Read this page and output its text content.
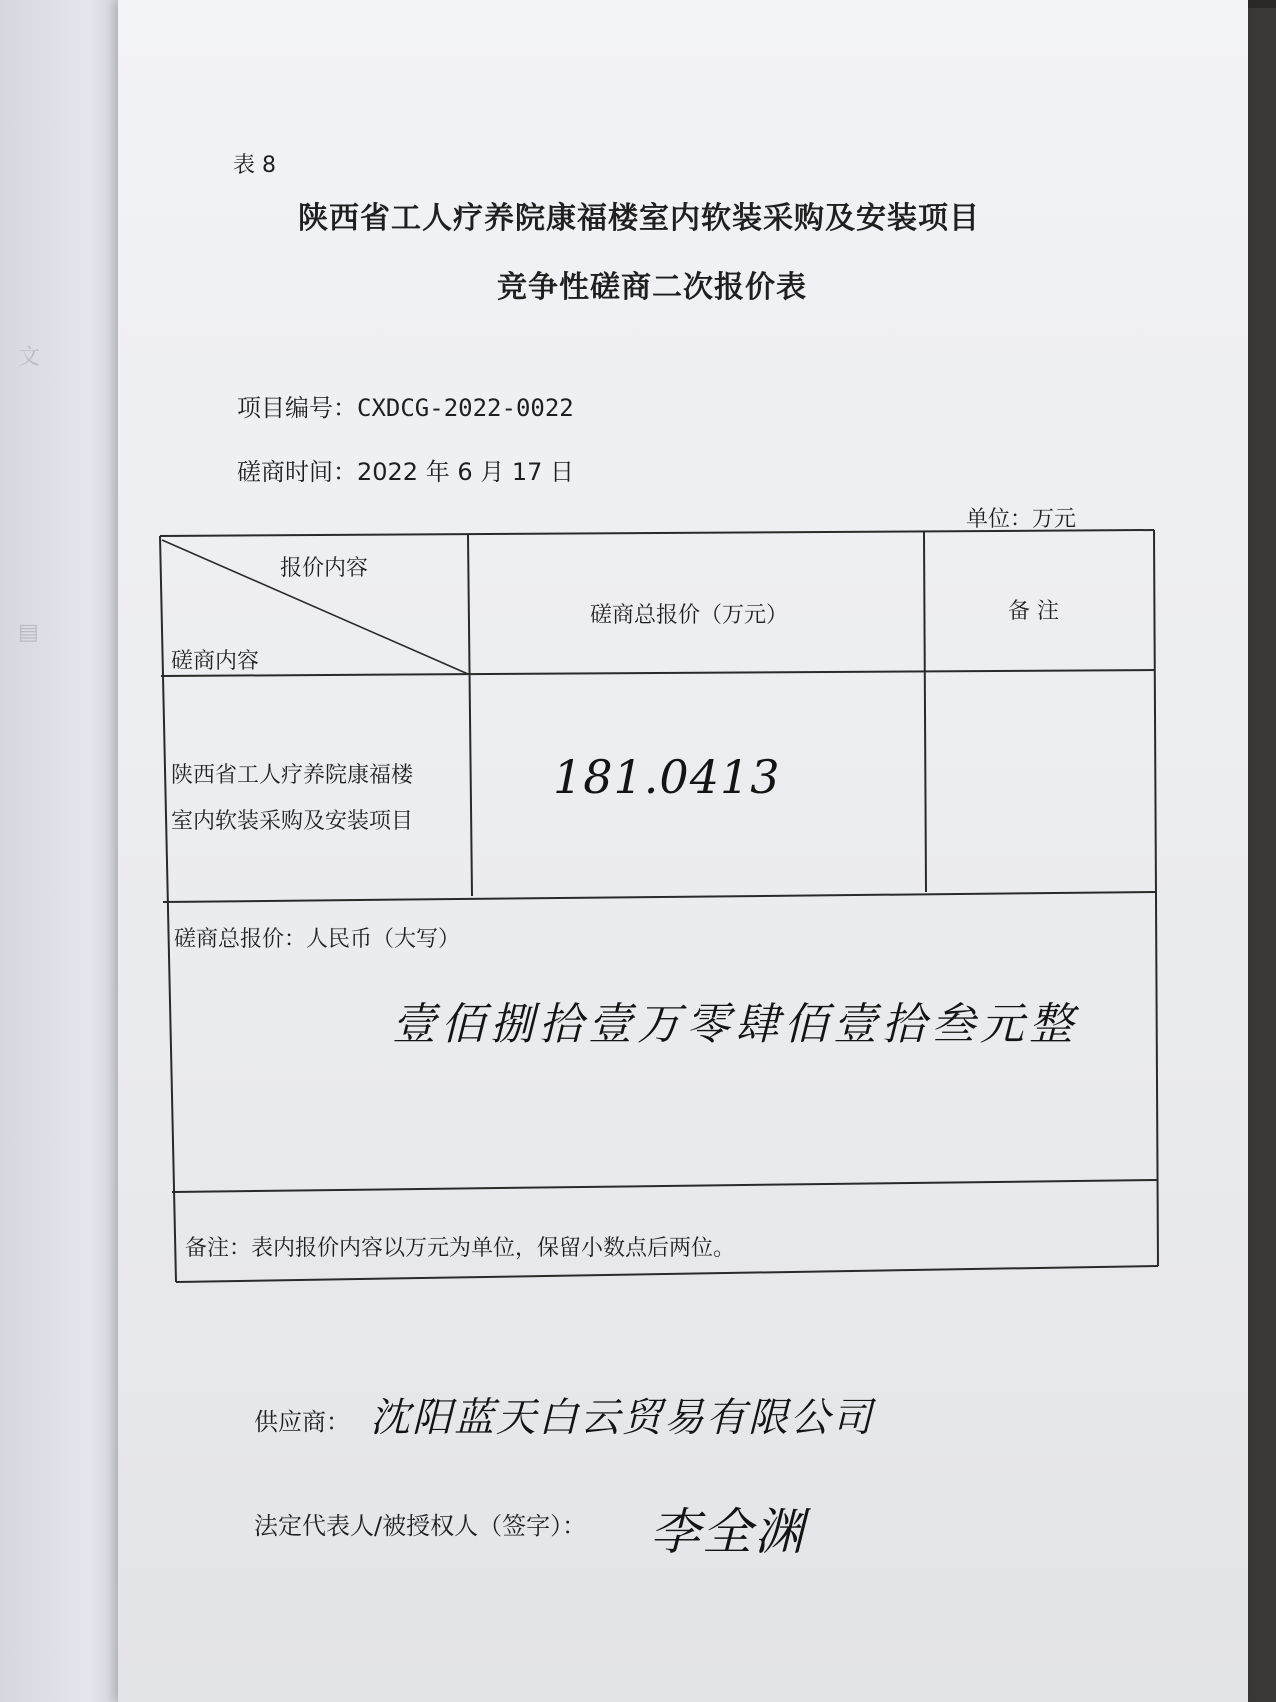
文
▤
表 8
陕西省工人疗养院康福楼室内软装采购及安装项目
竞争性磋商二次报价表
项目编号：CXDCG-2022-0022
磋商时间：2022 年 6 月 17 日
单位：万元
报价内容
磋商内容
磋商总报价（万元）	备 注
陕西省工人疗养院康福楼
室内软装采购及安装项目
181.0413
磋商总报价：人民币（大写）
壹佰捌拾壹万零肆佰壹拾叁元整
备注：表内报价内容以万元为单位，保留小数点后两位。
供应商： 沈阳蓝天白云贸易有限公司
法定代表人/被授权人（签字）： 李全渊
